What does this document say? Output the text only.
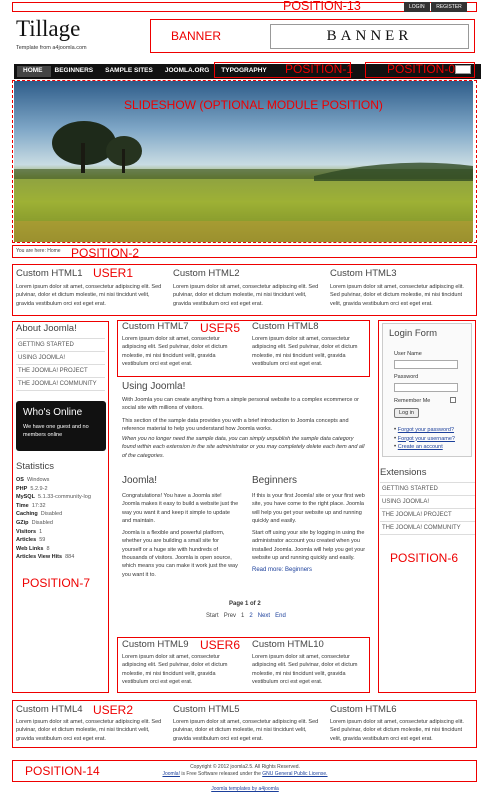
POSITION-13	LOGIN REGISTER
Tillage
Template from a4joomla.com
BANNER	BANNER
HOME BEGINNERS SAMPLE SITES JOOMLA.ORG TYPOGRAPHY	POSITION-1	POSITION-0
SLIDESHOW (OPTIONAL MODULE POSITION)
You are here: Home POSITION-2
USER1
Custom HTML1
Lorem ipsum dolor sit amet, consectetur adipiscing elit. Sed pulvinar, dolor et dictum molestie, mi nisi tincidunt velit, gravida vestibulum orci est eget erat.
Custom HTML2
Lorem ipsum dolor sit amet, consectetur adipiscing elit. Sed pulvinar, dolor et dictum molestie, mi nisi tincidunt velit, gravida vestibulum orci est eget erat.
Custom HTML3
Lorem ipsum dolor sit amet, consectetur adipiscing elit. Sed pulvinar, dolor et dictum molestie, mi nisi tincidunt velit, gravida vestibulum orci est eget erat.
About Joomla!
GETTING STARTED
USING JOOMLA!
THE JOOMLA! PROJECT
THE JOOMLA! COMMUNITY
Who's Online
We have one guest and no members online
Statistics
OS Windows
PHP 5.2.9-2
MySQL 5.1.33-community-log
Time 17:32
Caching Disabled
GZip Disabled
Visitors 1
Articles 59
Web Links 8
Articles View Hits 884
POSITION-7
USER5
Custom HTML7
Lorem ipsum dolor sit amet, consectetur adipiscing elit. Sed pulvinar, dolor et dictum molestie, mi nisi tincidunt velit, gravida vestibulum orci est eget erat.
Custom HTML8
Lorem ipsum dolor sit amet, consectetur adipiscing elit. Sed pulvinar, dolor et dictum molestie, mi nisi tincidunt velit, gravida vestibulum orci est eget erat.
Using Joomla!
With Joomla you can create anything from a simple personal website to a complex ecommerce or social site with millions of visitors.
This section of the sample data provides you with a brief introduction to Joomla concepts and reference material to help you understand how Joomla works.
When you no longer need the sample data, you can simply unpublish the sample data category found within each extension in the site administrator or you may completely delete each item and all of the categories.
Joomla!
Congratulations! You have a Joomla site! Joomla makes it easy to build a website just the way you want it and keep it simple to update and maintain.
Joomla is a flexible and powerful platform, whether you are building a small site for yourself or a huge site with hundreds of thousands of visitors. Joomla is open source, which means you can make it work just the way you want it to.
Beginners
If this is your first Joomla! site or your first web site, you have come to the right place. Joomla will help you get your website up and running quickly and easily.
Start off using your site by logging in using the administrator account you created when you installed Joomla. Joomla will help you get your website up and running quickly and easily.
Read more: Beginners
Page 1 of 2
Start Prev 1 2 Next End
USER6
Custom HTML9
Lorem ipsum dolor sit amet, consectetur adipiscing elit. Sed pulvinar, dolor et dictum molestie, mi nisi tincidunt velit, gravida vestibulum orci est eget erat.
Custom HTML10
Lorem ipsum dolor sit amet, consectetur adipiscing elit. Sed pulvinar, dolor et dictum molestie, mi nisi tincidunt velit, gravida vestibulum orci est eget erat.
Login Form
User Name
Password
Remember Me
Log in
• Forgot your password?
• Forgot your username?
• Create an account
Extensions
GETTING STARTED
USING JOOMLA!
THE JOOMLA! PROJECT
THE JOOMLA! COMMUNITY
POSITION-6
USER2
Custom HTML4
Lorem ipsum dolor sit amet, consectetur adipiscing elit. Sed pulvinar, dolor et dictum molestie, mi nisi tincidunt velit, gravida vestibulum orci est eget erat.
Custom HTML5
Lorem ipsum dolor sit amet, consectetur adipiscing elit. Sed pulvinar, dolor et dictum molestie, mi nisi tincidunt velit, gravida vestibulum orci est eget erat.
Custom HTML6
Lorem ipsum dolor sit amet, consectetur adipiscing elit. Sed pulvinar, dolor et dictum molestie, mi nisi tincidunt velit, gravida vestibulum orci est eget erat.
POSITION-14	Copyright © 2012 joomla2.5. All Rights Reserved.
Joomla! is Free Software released under the GNU General Public License.
Joomla templates by a4joomla
